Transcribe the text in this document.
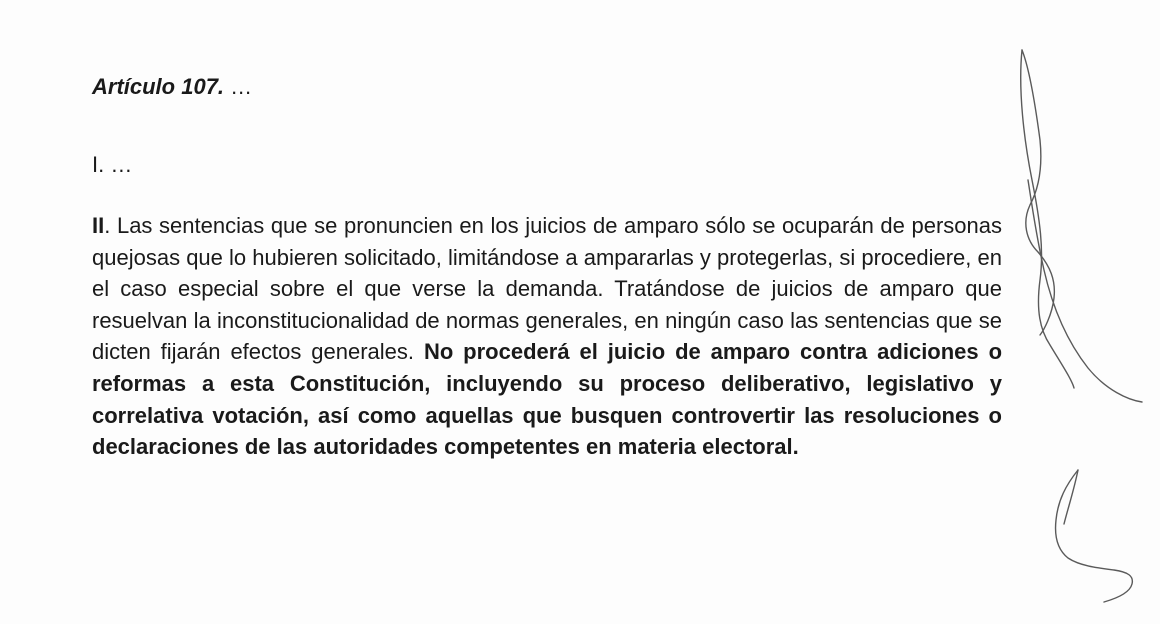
Artículo 107. …

I. …

II. Las sentencias que se pronuncien en los juicios de amparo sólo se ocuparán de personas quejosas que lo hubieren solicitado, limitándose a ampararlas y protegerlas, si procediere, en el caso especial sobre el que verse la demanda. Tratándose de juicios de amparo que resuelvan la inconstitucionalidad de normas generales, en ningún caso las sentencias que se dicten fijarán efectos generales. No procederá el juicio de amparo contra adiciones o reformas a esta Constitución, incluyendo su proceso deliberativo, legislativo y correlativa votación, así como aquellas que busquen controvertir las resoluciones o declaraciones de las autoridades competentes en materia electoral.
